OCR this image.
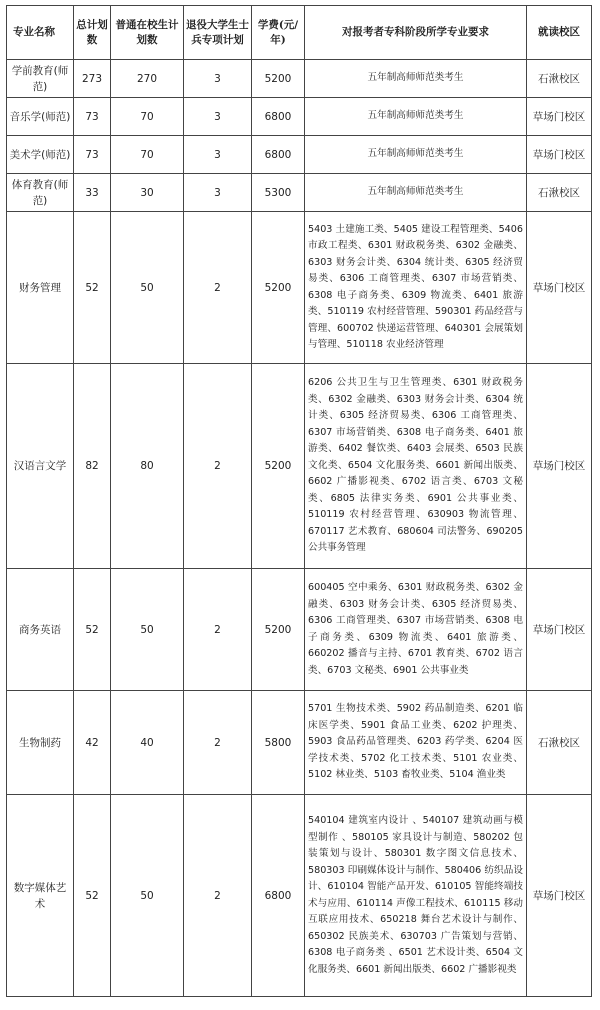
专业名称	总计划数	普通在校生计划数	退役大学生士兵专项计划	学费(元/年)	对报考者专科阶段所学专业要求	就读校区
学前教育(师范)	273	270	3	5200	五年制高师师范类考生	石湫校区
音乐学(师范)	73	70	3	6800	五年制高师师范类考生	草场门校区
美术学(师范)	73	70	3	6800	五年制高师师范类考生	草场门校区
体育教育(师范)	33	30	3	5300	五年制高师师范类考生	石湫校区
财务管理	52	50	2	5200	5403 土建施工类、5405 建设工程管理类、5406 市政工程类、6301 财政税务类、6302 金融类、6303 财务会计类、6304 统计类、6305 经济贸易类、6306 工商管理类、6307 市场营销类、6308 电子商务类、6309 物流类、6401 旅游类、510119 农村经营管理、590301 药品经营与管理、600702 快递运营管理、640301 会展策划与管理、510118 农业经济管理	草场门校区
汉语言文学	82	80	2	5200	6206 公共卫生与卫生管理类、6301 财政税务类、6302 金融类、6303 财务会计类、6304 统计类、6305 经济贸易类、6306 工商管理类、6307 市场营销类、6308 电子商务类、6401 旅游类、6402 餐饮类、6403 会展类、6503 民族文化类、6504 文化服务类、6601 新闻出版类、6602 广播影视类、6702 语言类、6703 文秘类、6805 法律实务类、6901 公共事业类、510119 农村经营管理、630903 物流管理、670117 艺术教育、680604 司法警务、690205 公共事务管理	草场门校区
商务英语	52	50	2	5200	600405 空中乘务、6301 财政税务类、6302 金融类、6303 财务会计类、6305 经济贸易类、6306 工商管理类、6307 市场营销类、6308 电子商务类、6309 物流类、6401 旅游类、660202 播音与主持、6701 教育类、6702 语言类、6703 文秘类、6901 公共事业类	草场门校区
生物制药	42	40	2	5800	5701 生物技术类、5902 药品制造类、6201 临床医学类、5901 食品工业类、6202 护理类、5903 食品药品管理类、6203 药学类、6204 医学技术类、5702 化工技术类、5101 农业类、5102 林业类、5103 畜牧业类、5104 渔业类	石湫校区
数字媒体艺术	52	50	2	6800	540104 建筑室内设计 、540107 建筑动画与模型制作 、580105 家具设计与制造、580202 包装策划与设计、580301 数字图文信息技术、580303 印刷媒体设计与制作、580406 纺织品设计、610104 智能产品开发、610105 智能终端技术与应用、610114 声像工程技术、610115 移动互联应用技术、650218 舞台艺术设计与制作、650302 民族美术、630703 广告策划与营销、6308 电子商务类 、6501 艺术设计类、6504 文化服务类、6601 新闻出版类、6602 广播影视类	草场门校区
